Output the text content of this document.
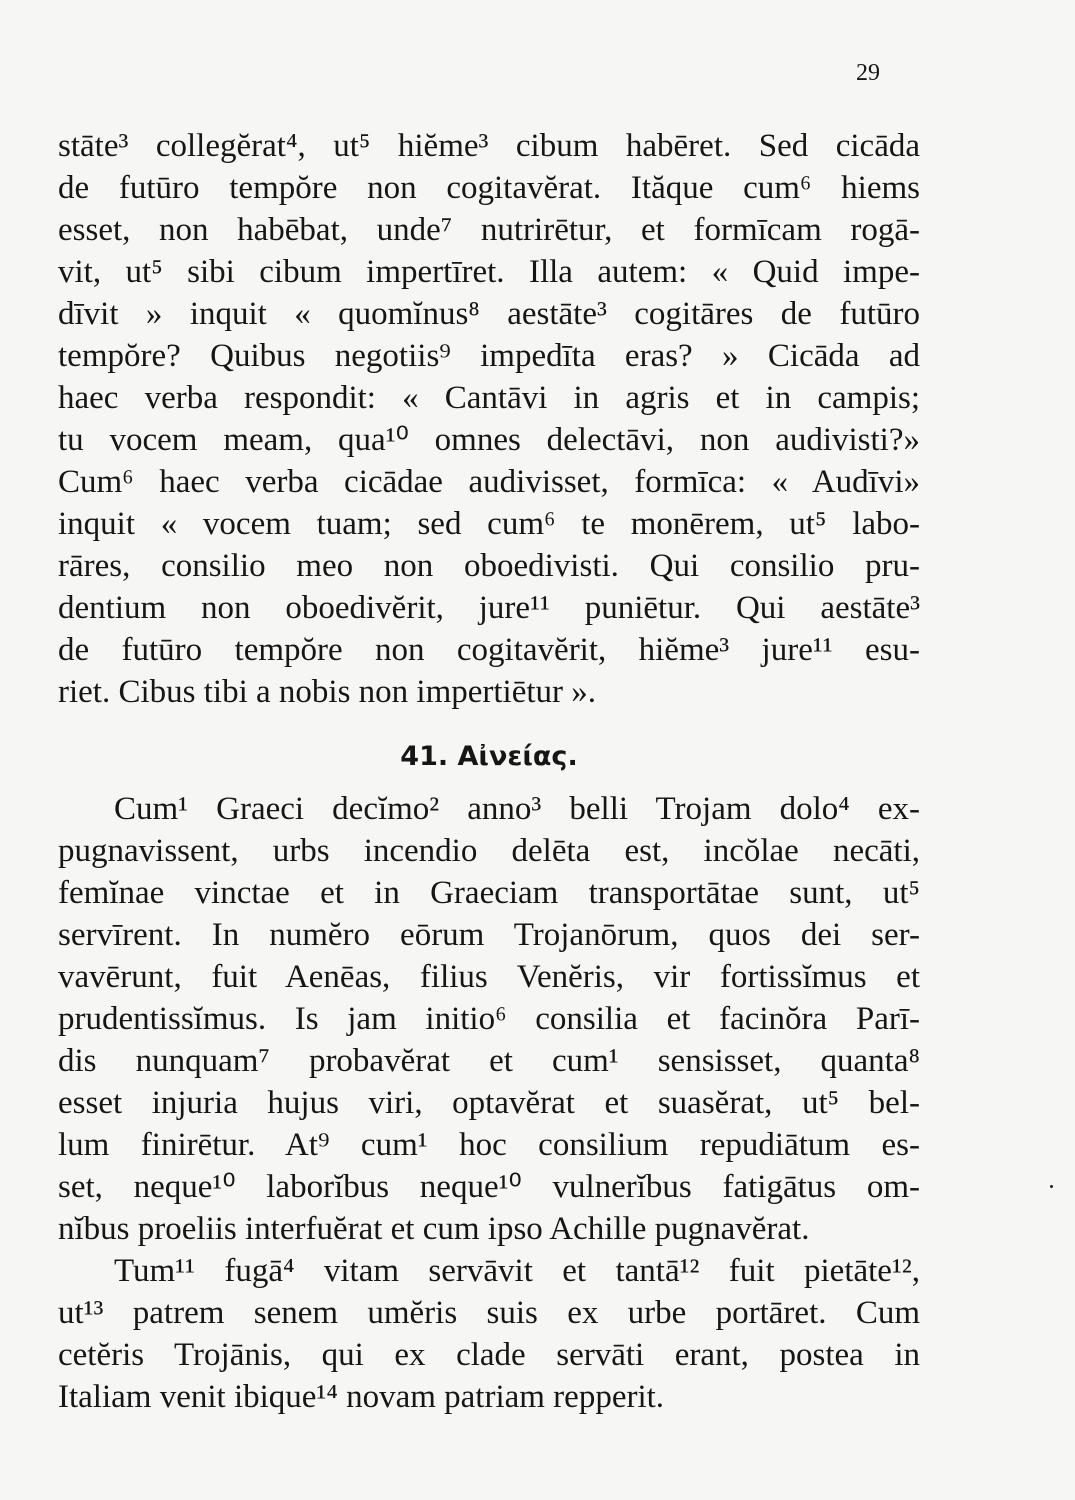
29
stāte³ collegĕrat⁴, ut⁵ hiĕme³ cibum habēret. Sed cicāda
de futūro tempŏre non cogitavĕrat. Ităque cum⁶ hiems
esset, non habēbat, unde⁷ nutrirētur, et formīcam rogā-
vit, ut⁵ sibi cibum impertīret. Illa autem: « Quid impe-
dīvit » inquit « quomĭnus⁸ aestāte³ cogitāres de futūro
tempŏre? Quibus negotiis⁹ impedīta eras? » Cicāda ad
haec verba respondit: « Cantāvi in agris et in campis;
tu vocem meam, qua¹⁰ omnes delectāvi, non audivisti?»
Cum⁶ haec verba cicādae audivisset, formīca: « Audīvi»
inquit « vocem tuam; sed cum⁶ te monērem, ut⁵ labo-
rāres, consilio meo non oboedivisti. Qui consilio pru-
dentium non oboedivĕrit, jure¹¹ puniētur. Qui aestāte³
de futūro tempŏre non cogitavĕrit, hiĕme³ jure¹¹ esu-
riet. Cibus tibi a nobis non impertiētur ».
41. Aἰνείας.
Cum¹ Graeci decĭmo² anno³ belli Trojam dolo⁴ ex-
pugnavissent, urbs incendio delēta est, incŏlae necāti,
femĭnae vinctae et in Graeciam transportātae sunt, ut⁵
servīrent. In numĕro eōrum Trojanōrum, quos dei ser-
vavērunt, fuit Aenēas, filius Venĕris, vir fortissĭmus et
prudentissĭmus. Is jam initio⁶ consilia et facinŏra Parī-
dis nunquam⁷ probavĕrat et cum¹ sensisset, quanta⁸
esset injuria hujus viri, optavĕrat et suasĕrat, ut⁵ bel-
lum finirētur. At⁹ cum¹ hoc consilium repudiātum es-
set, neque¹⁰ laborĭbus neque¹⁰ vulnerĭbus fatigātus om-
nĭbus proeliis interfuĕrat et cum ipso Achille pugnavĕrat.
Tum¹¹ fugā⁴ vitam servāvit et tantā¹² fuit pietāte¹²,
ut¹³ patrem senem umĕris suis ex urbe portāret. Cum
cetĕris Trojānis, qui ex clade servāti erant, postea in
Italiam venit ibique¹⁴ novam patriam repperit.
